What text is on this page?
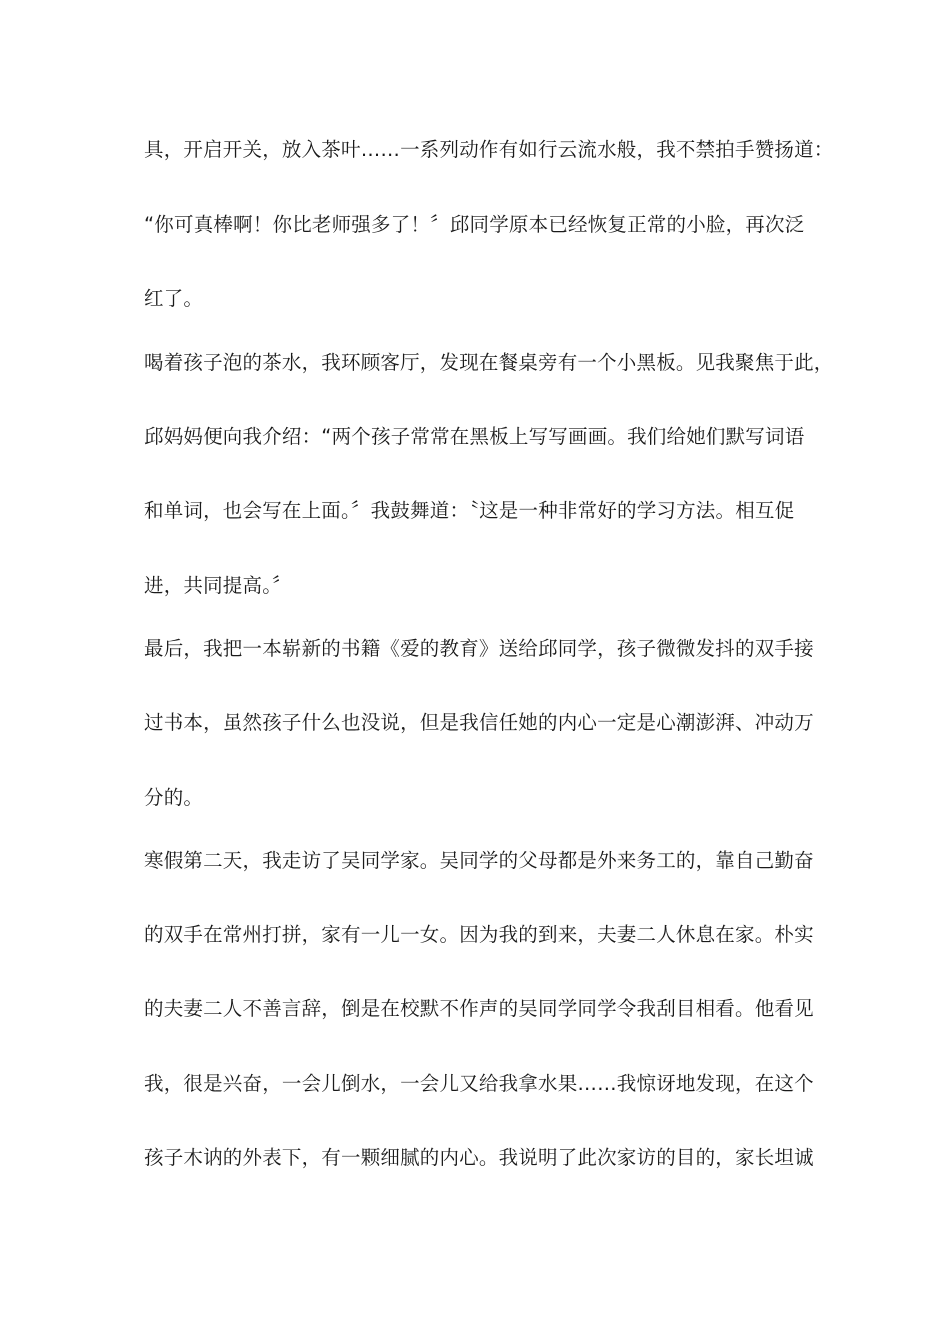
具，开启开关，放入茶叶……一系列动作有如行云流水般，我不禁拍手赞扬道：
“你可真棒啊！你比老师强多了！〞邱同学原本已经恢复正常的小脸，再次泛
红了。
喝着孩子泡的茶水，我环顾客厅，发现在餐桌旁有一个小黑板。见我聚焦于此，
邱妈妈便向我介绍：“两个孩子常常在黑板上写写画画。我们给她们默写词语
和单词，也会写在上面。〞我鼓舞道：〝这是一种非常好的学习方法。相互促
进，共同提高。〞
最后，我把一本崭新的书籍《爱的教育》送给邱同学，孩子微微发抖的双手接
过书本，虽然孩子什么也没说，但是我信任她的内心一定是心潮澎湃、冲动万
分的。
寒假第二天，我走访了吴同学家。吴同学的父母都是外来务工的，靠自己勤奋
的双手在常州打拼，家有一儿一女。因为我的到来，夫妻二人休息在家。朴实
的夫妻二人不善言辞，倒是在校默不作声的吴同学同学令我刮目相看。他看见
我，很是兴奋，一会儿倒水，一会儿又给我拿水果……我惊讶地发现，在这个
孩子木讷的外表下，有一颗细腻的内心。我说明了此次家访的目的，家长坦诚
